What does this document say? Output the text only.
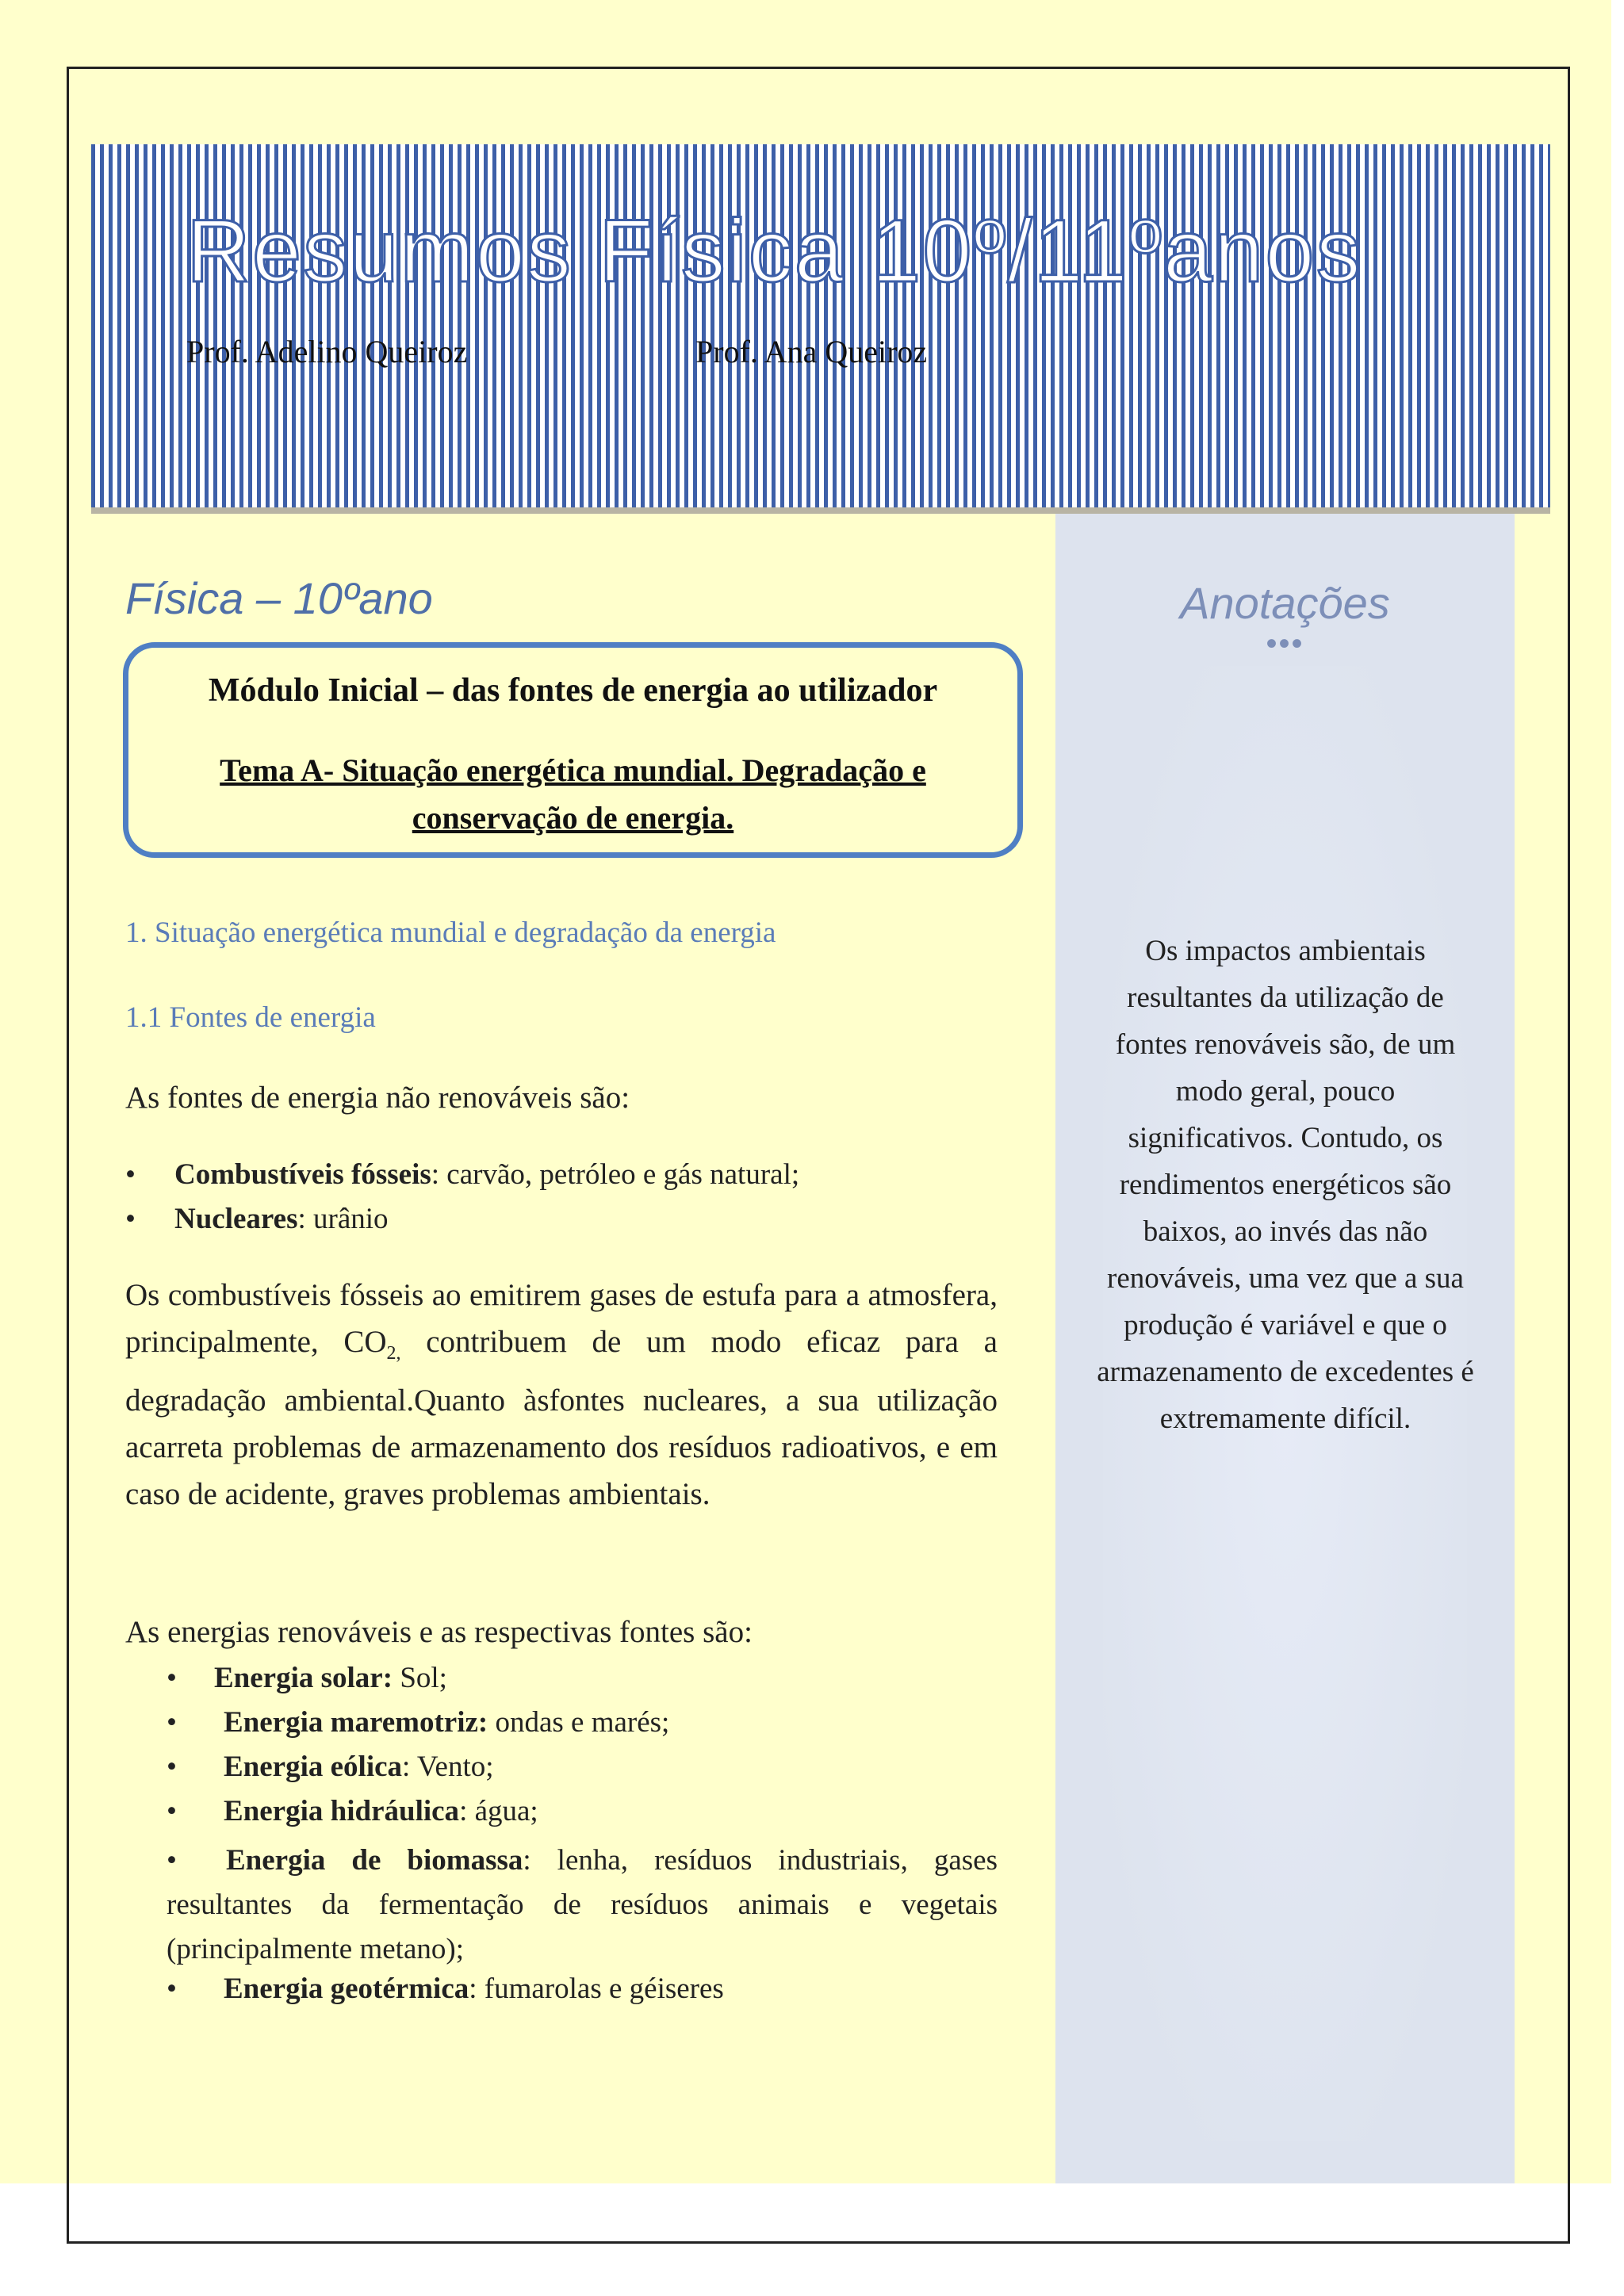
Anotações
•••
Os impactos ambientais resultantes da utilização de fontes renováveis são, de um modo geral, pouco significativos. Contudo, os rendimentos energéticos são baixos, ao invés das não renováveis, uma vez que a sua produção é variável e que o armazenamento de excedentes é extremamente difícil.
Resumos Física 10º/11ºanos
Prof. Adelino Queiroz	Prof. Ana Queiroz
Física – 10ºano
Módulo Inicial – das fontes de energia ao utilizador
Tema A- Situação energética mundial. Degradação e conservação de energia.
1. Situação energética mundial e degradação da energia
1.1 Fontes de energia
As fontes de energia não renováveis são:
• Combustíveis fósseis: carvão, petróleo e gás natural;
• Nucleares: urânio
Os combustíveis fósseis ao emitirem gases de estufa para a atmosfera, principalmente, $CO_{2,}$ contribuem de um modo eficaz para a degradação ambiental.Quanto àsfontes nucleares, a sua utilização acarreta problemas de armazenamento dos resíduos radioativos, e em caso de acidente, graves problemas ambientais.
As energias renováveis e as respectivas fontes são:
• Energia solar: Sol;
• Energia maremotriz: ondas e marés;
• Energia eólica: Vento;
• Energia hidráulica: água;
• Energia de biomassa: lenha, resíduos industriais, gases resultantes da fermentação de resíduos animais e vegetais (principalmente metano);
• Energia geotérmica: fumarolas e géiseres
